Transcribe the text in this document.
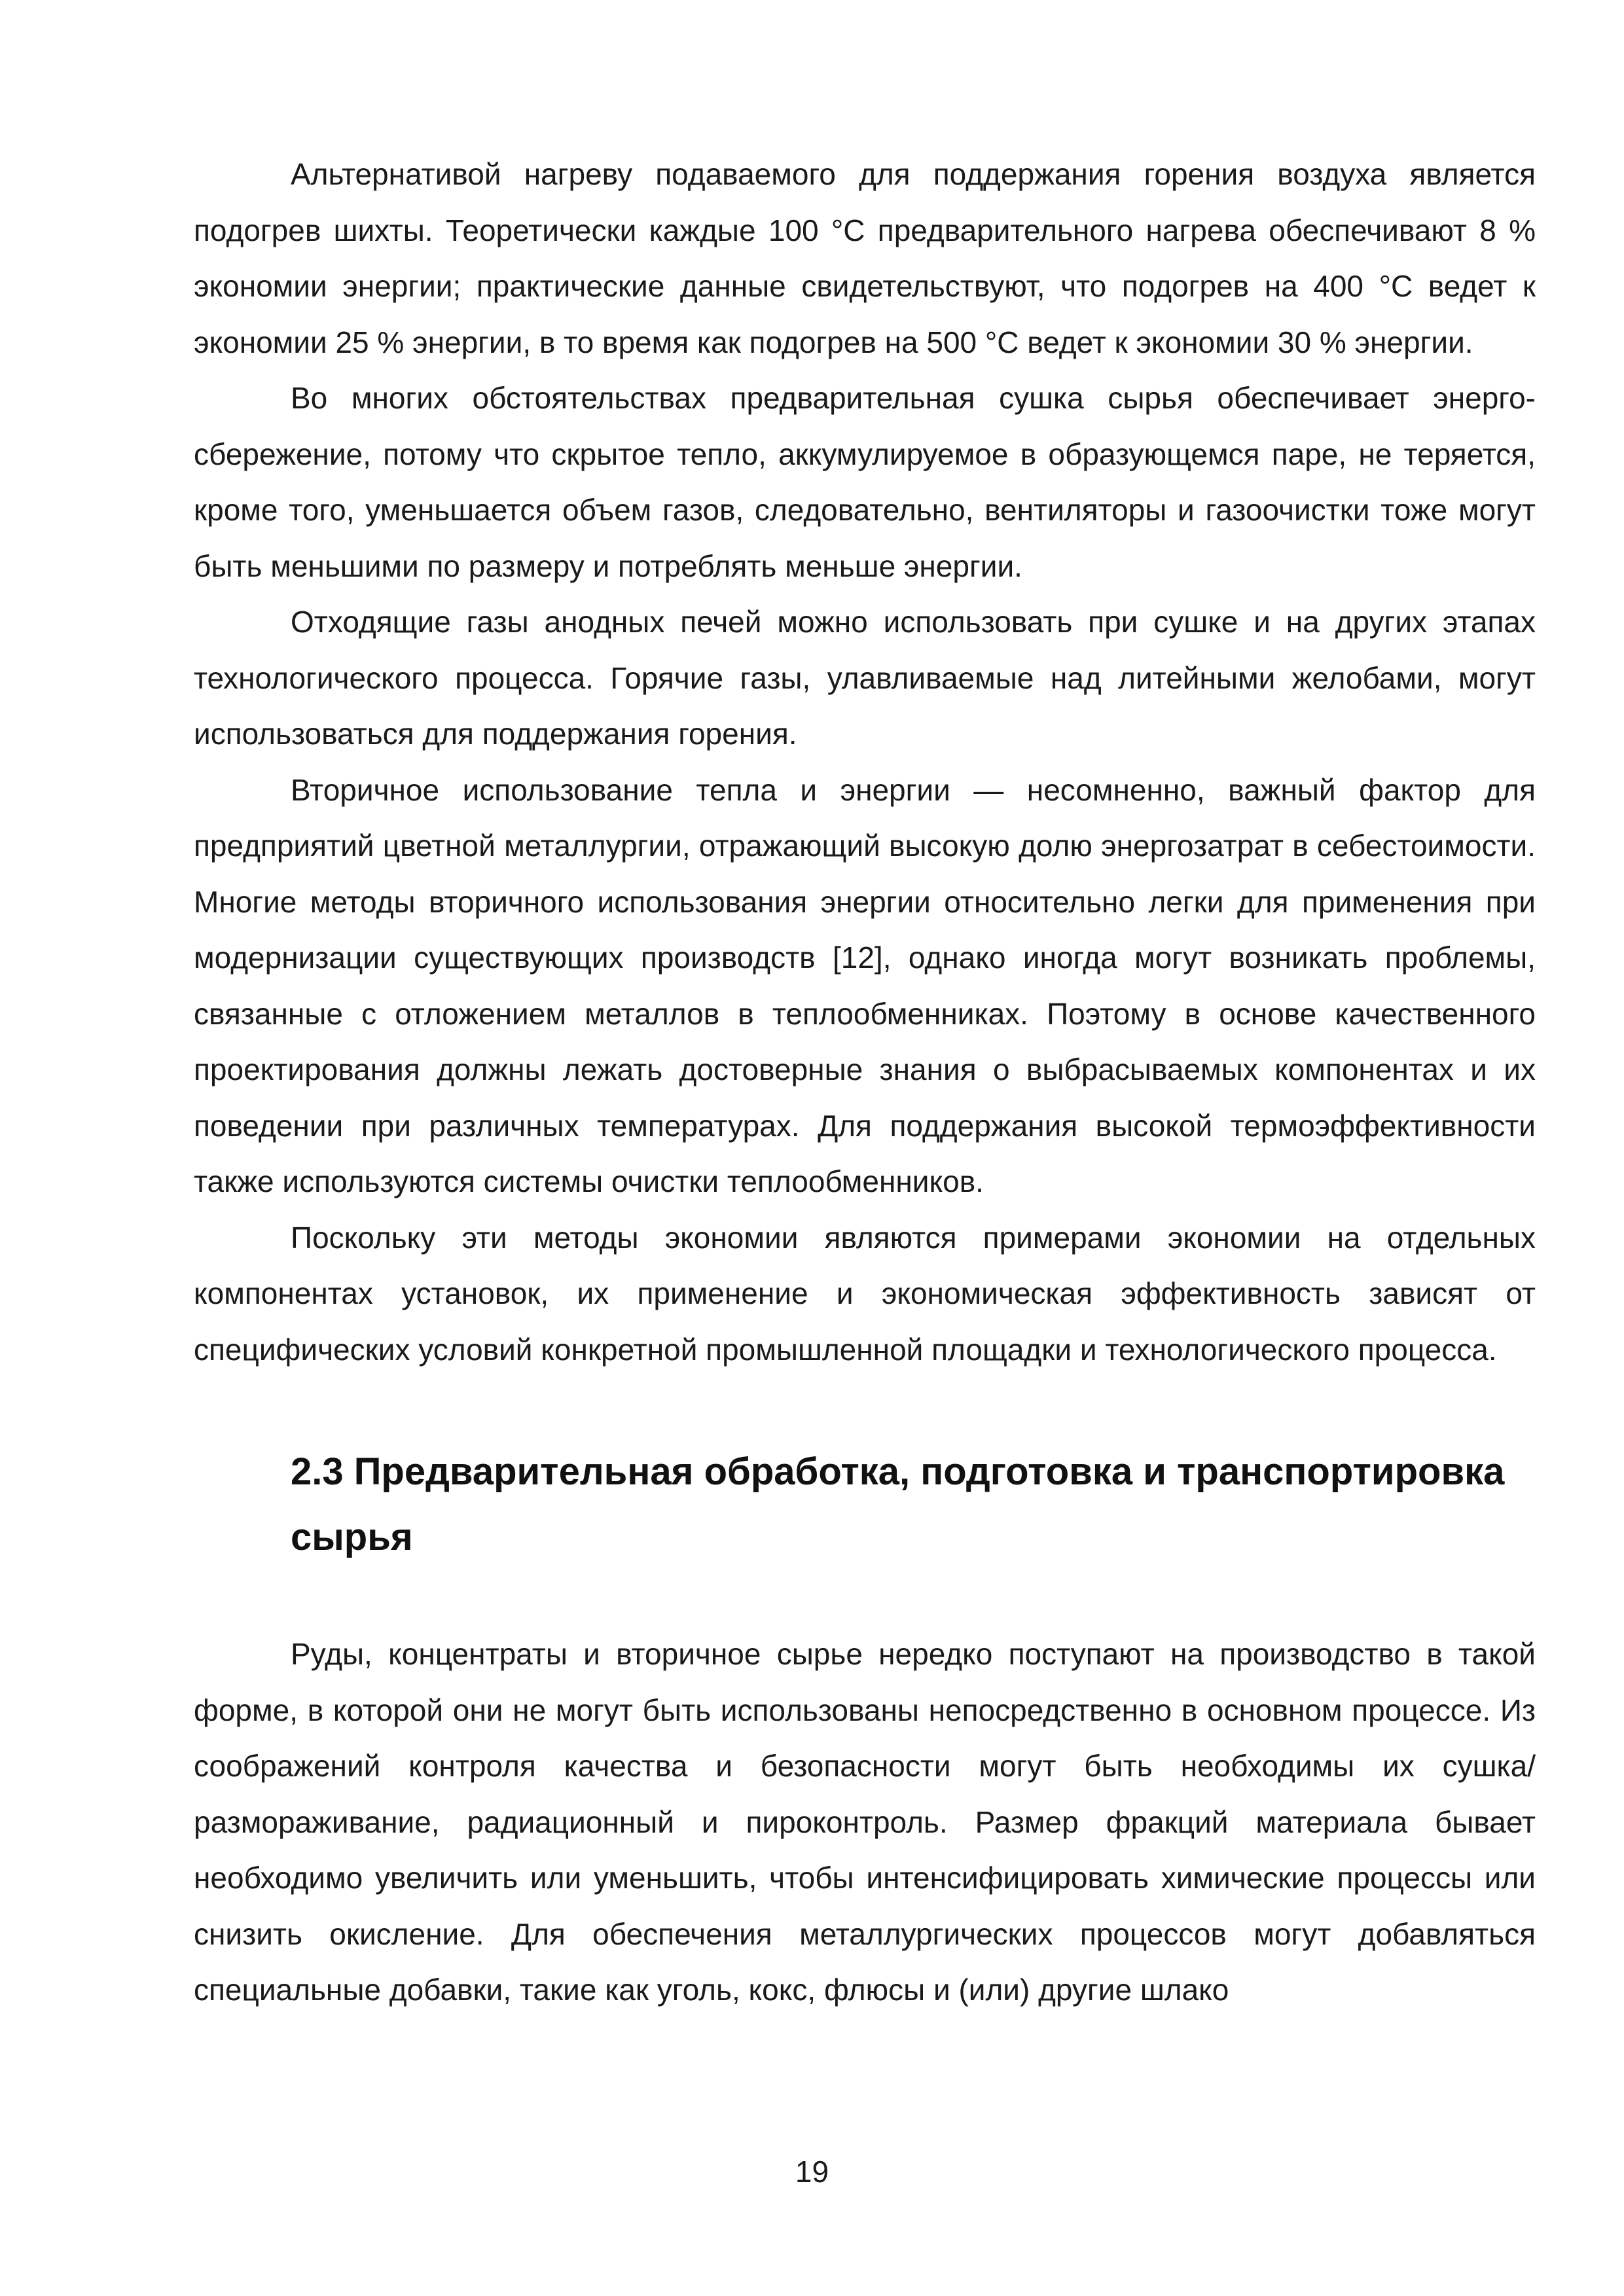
Альтернативой нагреву подаваемого для поддержания горения воздуха является подогрев шихты. Теоретически каждые 100 °С предварительного нагрева обеспечивают 8 % экономии энергии; практические данные свидетельствуют, что подогрев на 400 °С ведет к экономии 25 % энергии, в то время как подогрев на 500 °С ведет к экономии 30 % энергии.

Во многих обстоятельствах предварительная сушка сырья обеспечивает энергосбережение, потому что скрытое тепло, аккумулируемое в образующемся паре, не теряется, кроме того, уменьшается объем газов, следовательно, вентиляторы и газоочистки тоже могут быть меньшими по размеру и потреблять меньше энергии.

Отходящие газы анодных печей можно использовать при сушке и на других этапах технологического процесса. Горячие газы, улавливаемые над литейными желобами, могут использоваться для поддержания горения.

Вторичное использование тепла и энергии — несомненно, важный фактор для предприятий цветной металлургии, отражающий высокую долю энергозатрат в себестоимости. Многие методы вторичного использования энергии относительно легки для применения при модернизации существующих производств [12], однако иногда могут возникать проблемы, связанные с отложением металлов в теплообменниках. Поэтому в основе качественного проектирования должны лежать достоверные знания о выбрасываемых компонентах и их поведении при различных температурах. Для поддержания высокой термоэффективности также используются системы очистки теплообменников.

Поскольку эти методы экономии являются примерами экономии на отдельных компонентах установок, их применение и экономическая эффективность зависят от специфических условий конкретной промышленной площадки и технологического процесса.

2.3 Предварительная обработка, подготовка и транспортировка сырья

Руды, концентраты и вторичное сырье нередко поступают на производство в такой форме, в которой они не могут быть использованы непосредственно в основном процессе. Из соображений контроля качества и безопасности могут быть необходимы их сушка/размораживание, радиационный и пироконтроль. Размер фракций материала бывает необходимо увеличить или уменьшить, чтобы интенсифицировать химические процессы или снизить окисление. Для обеспечения металлургических процессов могут добавляться специальные добавки, такие как уголь, кокс, флюсы и (или) другие шлако

19
